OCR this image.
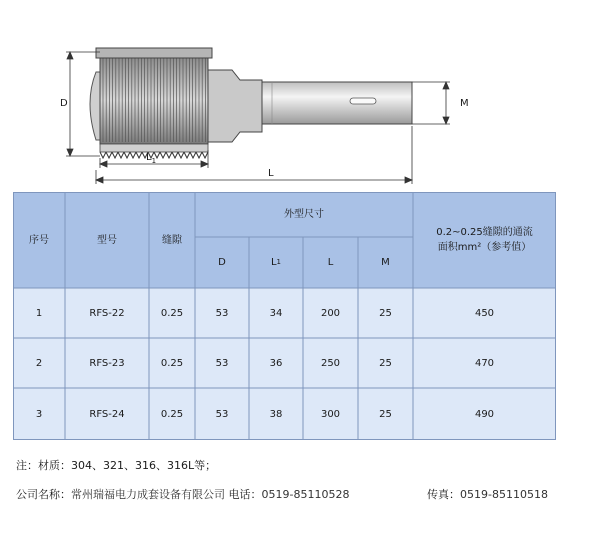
D
$L_1$
L
M
序号	型号	缝隙
外型尺寸
0.2~0.25缝隙的通流
面积mm²（参考值）
D	L 1	L	M
1	RFS-22	0.25	53	34	200	25	450
2	RFS-23	0.25	53	36	250	25	470
3	RFS-24	0.25	53	38	300	25	490
注：材质：304、321、316、316L等；
公司名称：常州瑞福电力成套设备有限公司 电话：0519-85110528	传真：0519-85110518
